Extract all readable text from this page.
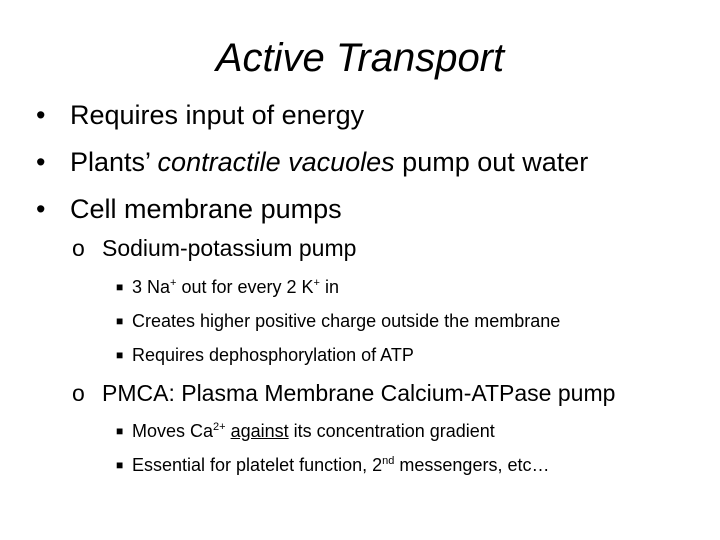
Active Transport
• Requires input of energy
• Plants’ contractile vacuoles pump out water
• Cell membrane pumps
o Sodium-potassium pump
■ 3 Na+ out for every 2 K+ in
■ Creates higher positive charge outside the membrane
■ Requires dephosphorylation of ATP
o PMCA: Plasma Membrane Calcium-ATPase pump
■ Moves $Ca^{2+}$ against its concentration gradient
■ Essential for platelet function, 2nd messengers, etc…
